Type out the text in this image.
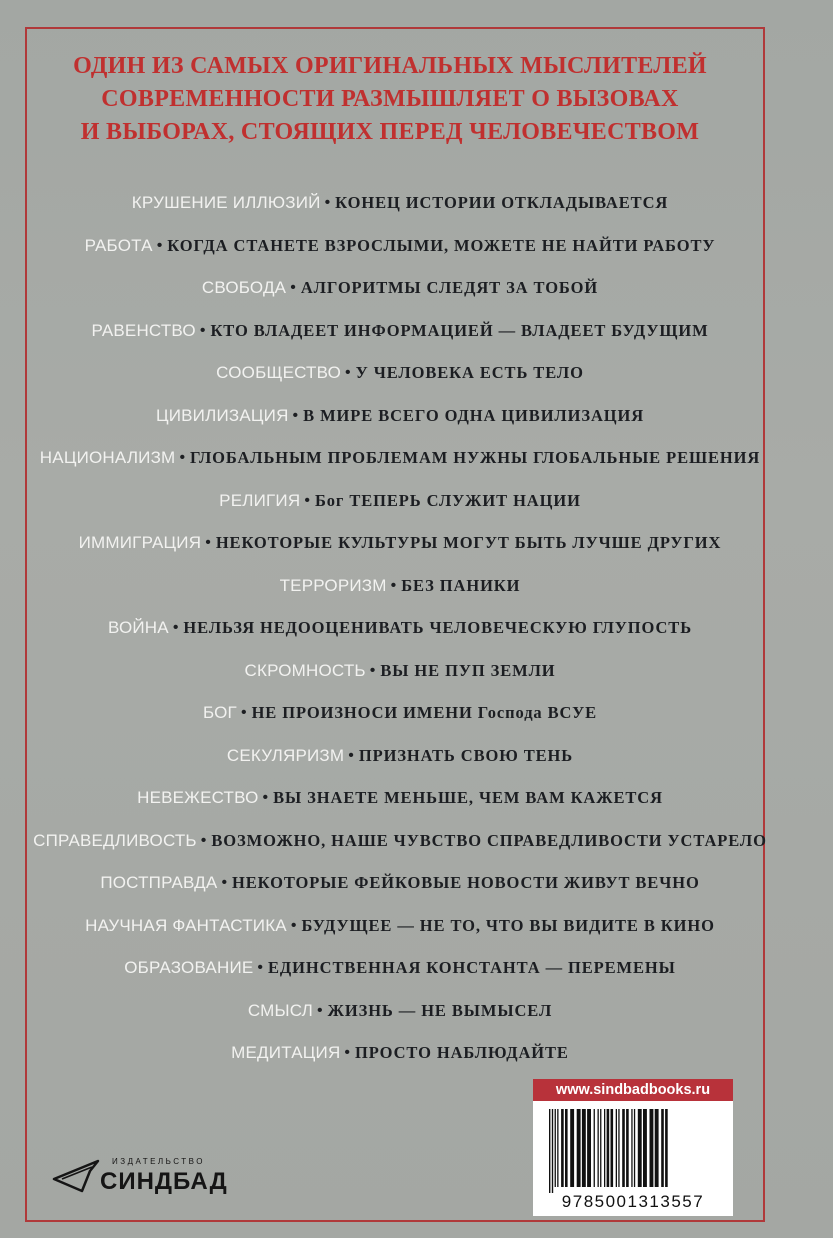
ОДИН ИЗ САМЫХ ОРИГИНАЛЬНЫХ МЫСЛИТЕЛЕЙ
СОВРЕМЕННОСТИ РАЗМЫШЛЯЕТ О ВЫЗОВАХ
И ВЫБОРАХ, СТОЯЩИХ ПЕРЕД ЧЕЛОВЕЧЕСТВОМ
КРУШЕНИЕ ИЛЛЮЗИЙ • КОНЕЦ ИСТОРИИ ОТКЛАДЫВАЕТСЯ
РАБОТА • КОГДА СТАНЕТЕ ВЗРОСЛЫМИ, МОЖЕТЕ НЕ НАЙТИ РАБОТУ
СВОБОДА • АЛГОРИТМЫ СЛЕДЯТ ЗА ТОБОЙ
РАВЕНСТВО • КТО ВЛАДЕЕТ ИНФОРМАЦИЕЙ — ВЛАДЕЕТ БУДУЩИМ
СООБЩЕСТВО • У ЧЕЛОВЕКА ЕСТЬ ТЕЛО
ЦИВИЛИЗАЦИЯ • В МИРЕ ВСЕГО ОДНА ЦИВИЛИЗАЦИЯ
НАЦИОНАЛИЗМ • ГЛОБАЛЬНЫМ ПРОБЛЕМАМ НУЖНЫ ГЛОБАЛЬНЫЕ РЕШЕНИЯ
РЕЛИГИЯ • Бог ТЕПЕРЬ СЛУЖИТ НАЦИИ
ИММИГРАЦИЯ • НЕКОТОРЫЕ КУЛЬТУРЫ МОГУТ БЫТЬ ЛУЧШЕ ДРУГИХ
ТЕРРОРИЗМ • БЕЗ ПАНИКИ
ВОЙНА • НЕЛЬЗЯ НЕДООЦЕНИВАТЬ ЧЕЛОВЕЧЕСКУЮ ГЛУПОСТЬ
СКРОМНОСТЬ • ВЫ НЕ ПУП ЗЕМЛИ
БОГ • НЕ ПРОИЗНОСИ ИМЕНИ Господа ВСУЕ
СЕКУЛЯРИЗМ • ПРИЗНАТЬ СВОЮ ТЕНЬ
НЕВЕЖЕСТВО • ВЫ ЗНАЕТЕ МЕНЬШЕ, ЧЕМ ВАМ КАЖЕТСЯ
СПРАВЕДЛИВОСТЬ • ВОЗМОЖНО, НАШЕ ЧУВСТВО СПРАВЕДЛИВОСТИ УСТАРЕЛО
ПОСТПРАВДА • НЕКОТОРЫЕ ФЕЙКОВЫЕ НОВОСТИ ЖИВУТ ВЕЧНО
НАУЧНАЯ ФАНТАСТИКА • БУДУЩЕЕ — НЕ ТО, ЧТО ВЫ ВИДИТЕ В КИНО
ОБРАЗОВАНИЕ • ЕДИНСТВЕННАЯ КОНСТАНТА — ПЕРЕМЕНЫ
СМЫСЛ • ЖИЗНЬ — НЕ ВЫМЫСЕЛ
МЕДИТАЦИЯ • ПРОСТО НАБЛЮДАЙТЕ
www.sindbadbooks.ru
9785001313557
ИЗДАТЕЛЬСТВО
СИНДБАД
